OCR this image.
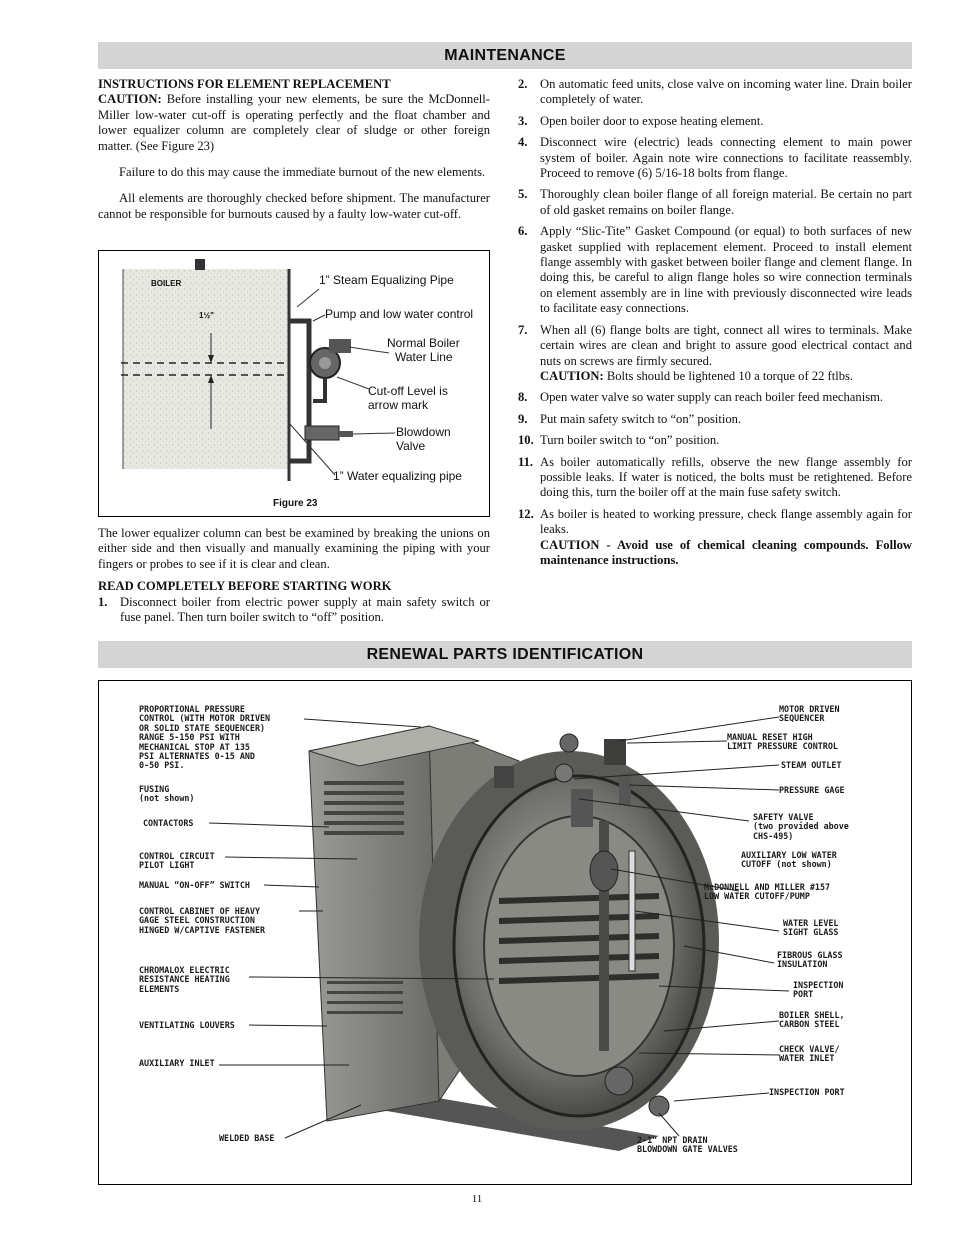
MAINTENANCE
RENEWAL PARTS IDENTIFICATION
INSTRUCTIONS FOR ELEMENT REPLACEMENT

CAUTION: Before installing your new elements, be sure the McDonnell-Miller low-water cut-off is operating perfectly and the float chamber and lower equalizer column are completely clear of sludge or other foreign matter. (See Figure 23)

Failure to do this may cause the immediate burnout of the new elements.

All elements are thoroughly checked before shipment. The manufacturer cannot be responsible for burnouts caused by a faulty low-water cut-off.

BOILER
1½"
1” Steam Equalizing Pipe
Pump and low water control
Normal Boiler
Water Line
Cut-off Level is
arrow mark
Blowdown
Valve
1” Water equalizing pipe
Figure 23

The lower equalizer column can best be examined by breaking the unions on either side and then visually and manually examining the piping with your fingers or probes to see if it is clear and clean.

READ COMPLETELY BEFORE STARTING WORK
1. Disconnect boiler from electric power supply at main safety switch or fuse panel. Then turn boiler switch to “off” position.
2. On automatic feed units, close valve on incoming water line. Drain boiler completely of water.
3. Open boiler door to expose heating element.
4. Disconnect wire (electric) leads connecting element to main power system of boiler. Again note wire connections to facilitate reassembly. Proceed to remove (6) 5/16-18 bolts from flange.
5. Thoroughly clean boiler flange of all foreign material. Be certain no part of old gasket remains on boiler flange.
6. Apply “Slic-Tite” Gasket Compound (or equal) to both surfaces of new gasket supplied with replacement element. Proceed to install element flange assembly with gasket between boiler flange and clement flange. In doing this, be careful to align flange holes so wire connection terminals on element assembly are in line with previously disconnected wire leads to facilitate easy connections.
7. When all (6) flange bolts are tight, connect all wires to terminals. Make certain wires are clean and bright to assure good electrical contact and nuts on screws are firmly secured.
CAUTION: Bolts should be lightened 10 a torque of 22 ftlbs.
8. Open water valve so water supply can reach boiler feed mechanism.
9. Put main safety switch to “on” position.
10. Turn boiler switch to “on” position.
11. As boiler automatically refills, observe the new flange assembly for possible leaks. If water is noticed, the bolts must be retightened. Before doing this, turn the boiler off at the main fuse safety switch.
12. As boiler is heated to working pressure, check flange assembly again for leaks.
CAUTION - Avoid use of chemical cleaning compounds. Follow maintenance instructions.
PROPORTIONAL PRESSURE
CONTROL (WITH MOTOR DRIVEN
OR SOLID STATE SEQUENCER)
RANGE 5-150 PSI WITH
MECHANICAL STOP AT 135
PSI ALTERNATES 0-15 AND
0-50 PSI.
FUSING
(not shown)
CONTACTORS
CONTROL CIRCUIT
PILOT LIGHT
MANUAL “ON-OFF” SWITCH
CONTROL CABINET OF HEAVY
GAGE STEEL CONSTRUCTION
HINGED W/CAPTIVE FASTENER
CHROMALOX ELECTRIC
RESISTANCE HEATING
ELEMENTS
VENTILATING LOUVERS
AUXILIARY INLET
WELDED BASE
MOTOR DRIVEN
SEQUENCER
MANUAL RESET HIGH
LIMIT PRESSURE CONTROL
STEAM OUTLET
PRESSURE GAGE
SAFETY VALVE
(two provided above
CHS-495)
AUXILIARY LOW WATER
CUTOFF (not shown)
McDONNELL AND MILLER #157
LOW WATER CUTOFF/PUMP
WATER LEVEL
SIGHT GLASS
FIBROUS GLASS
INSULATION
INSPECTION
PORT
BOILER SHELL,
CARBON STEEL
CHECK VALVE/
WATER INLET
INSPECTION PORT
2-1" NPT DRAIN
BLOWDOWN GATE VALVES
11
